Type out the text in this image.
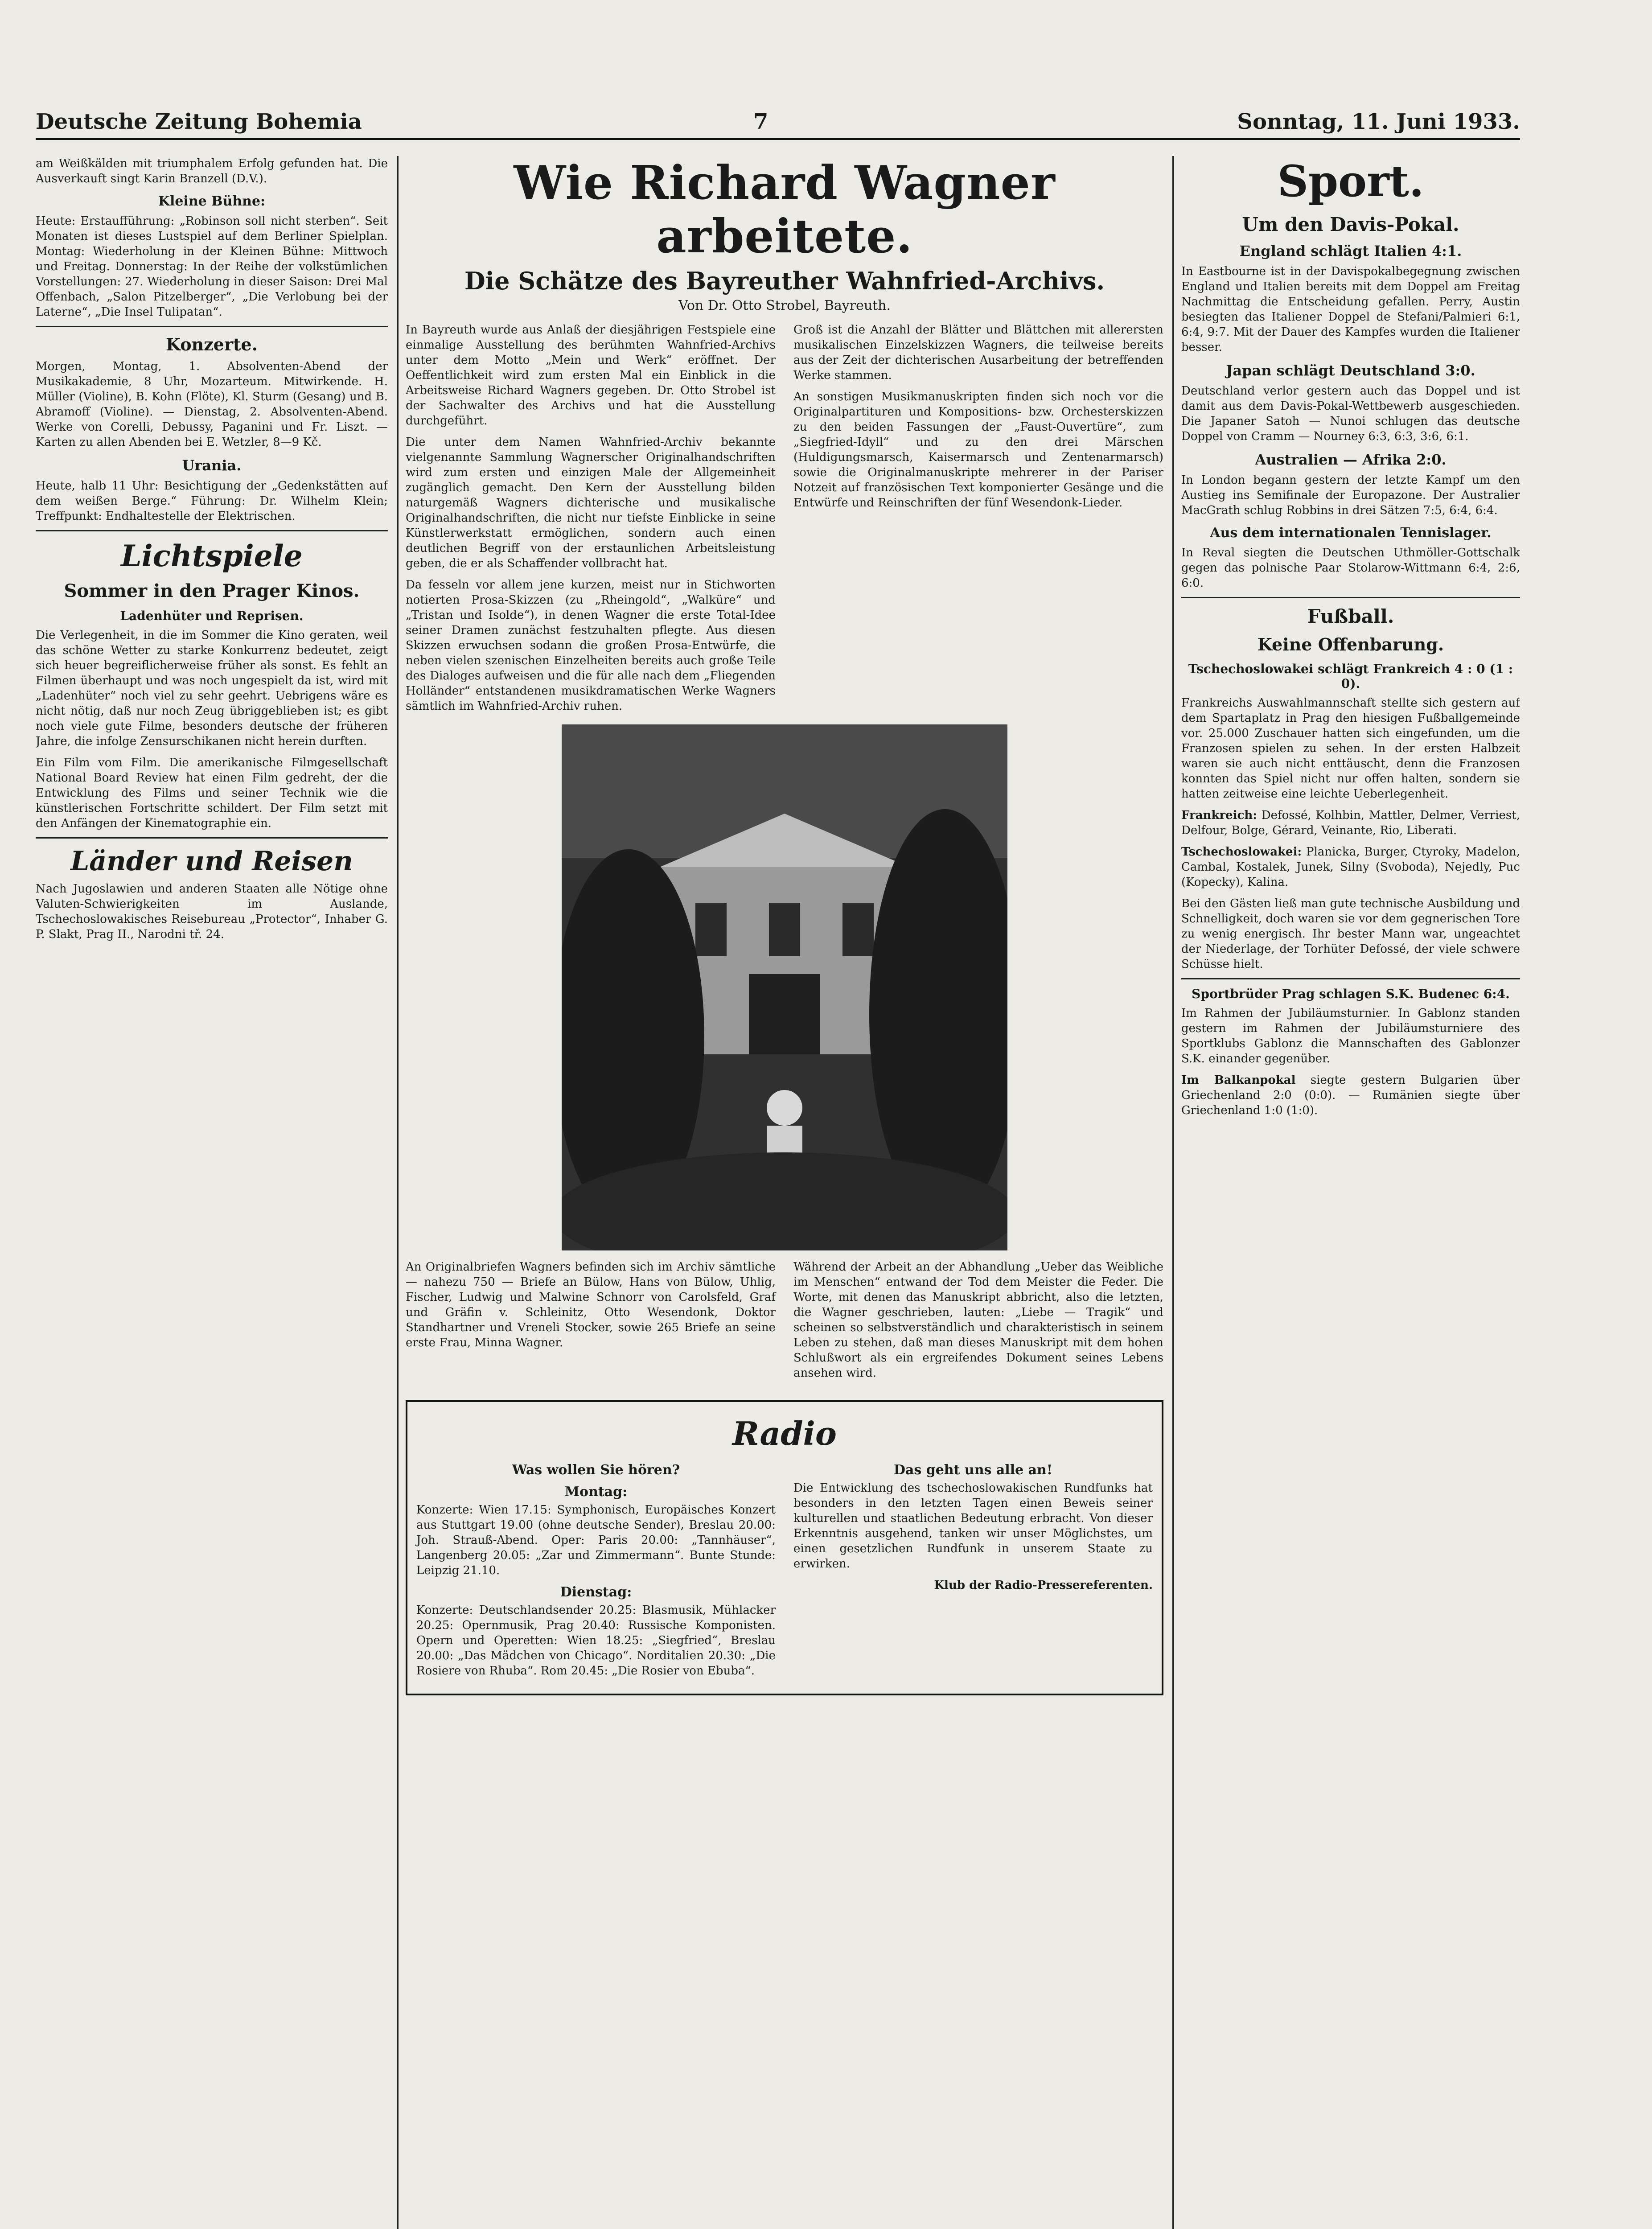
Deutsche Zeitung Bohemia	7	Sonntag, 11. Juni 1933.

am Weißkälden mit triumphalem Erfolg gefunden hat. Die Ausverkauft singt Karin Branzell (D.V.).

Kleine Bühne:

Heute: Erstaufführung: „Robinson soll nicht sterben“. Seit Monaten ist dieses Lustspiel auf dem Berliner Spielplan. Montag: Wiederholung in der Kleinen Bühne: Mittwoch und Freitag. Donnerstag: In der Reihe der volkstümlichen Vorstellungen: 27. Wiederholung in dieser Saison: Drei Mal Offenbach, „Salon Pitzelberger“, „Die Verlobung bei der Laterne“, „Die Insel Tulipatan“.

Konzerte.

Morgen, Montag, 1. Absolventen-Abend der Musikakademie, 8 Uhr, Mozarteum. Mitwirkende. H. Müller (Violine), B. Kohn (Flöte), Kl. Sturm (Gesang) und B. Abramoff (Violine). — Dienstag, 2. Absolventen-Abend. Werke von Corelli, Debussy, Paganini und Fr. Liszt. — Karten zu allen Abenden bei E. Wetzler, 8—9 Kč.

Urania.

Heute, halb 11 Uhr: Besichtigung der „Gedenkstätten auf dem weißen Berge.“ Führung: Dr. Wilhelm Klein; Treffpunkt: Endhaltestelle der Elektrischen.

Lichtspiele
Sommer in den Prager Kinos.
Ladenhüter und Reprisen.

Die Verlegenheit, in die im Sommer die Kino geraten, weil das schöne Wetter zu starke Konkurrenz bedeutet, zeigt sich heuer begreiflicherweise früher als sonst. Es fehlt an Filmen überhaupt und was noch ungespielt da ist, wird mit „Ladenhüter“ noch viel zu sehr geehrt. Uebrigens wäre es nicht nötig, daß nur noch Zeug übriggeblieben ist; es gibt noch viele gute Filme, besonders deutsche der früheren Jahre, die infolge Zensurschikanen nicht herein durften.

Ein Film vom Film. Die amerikanische Filmgesellschaft National Board Review hat einen Film gedreht, der die Entwicklung des Films und seiner Technik wie die künstlerischen Fortschritte schildert. Der Film setzt mit den Anfängen der Kinematographie ein.

Länder und Reisen

Nach Jugoslawien und anderen Staaten alle Nötige ohne Valuten-Schwierigkeiten im Auslande, Tschechoslowakisches Reisebureau „Protector“, Inhaber G. P. Slakt, Prag II., Narodni tř. 24.

Wie Richard Wagner arbeitete.
Die Schätze des Bayreuther Wahnfried-Archivs.
Von Dr. Otto Strobel, Bayreuth.

In Bayreuth wurde aus Anlaß der diesjährigen Festspiele eine einmalige Ausstellung des berühmten Wahnfried-Archivs unter dem Motto „Mein und Werk“ eröffnet. Der Oeffentlichkeit wird zum ersten Mal ein Einblick in die Arbeitsweise Richard Wagners gegeben. Dr. Otto Strobel ist der Sachwalter des Archivs und hat die Ausstellung durchgeführt.

Die unter dem Namen Wahnfried-Archiv bekannte vielgenannte Sammlung Wagnerscher Originalhandschriften wird zum ersten und einzigen Male der Allgemeinheit zugänglich gemacht. Den Kern der Ausstellung bilden naturgemäß Wagners dichterische und musikalische Originalhandschriften, die nicht nur tiefste Einblicke in seine Künstlerwerkstatt ermöglichen, sondern auch einen deutlichen Begriff von der erstaunlichen Arbeitsleistung geben, die er als Schaffender vollbracht hat.

Da fesseln vor allem jene kurzen, meist nur in Stichworten notierten Prosa-Skizzen (zu „Rheingold“, „Walküre“ und „Tristan und Isolde“), in denen Wagner die erste Total-Idee seiner Dramen zunächst festzuhalten pflegte. Aus diesen Skizzen erwuchsen sodann die großen Prosa-Entwürfe, die neben vielen szenischen Einzelheiten bereits auch große Teile des Dialoges aufweisen und die für alle nach dem „Fliegenden Holländer“ entstandenen musikdramatischen Werke Wagners sämtlich im Wahnfried-Archiv ruhen.

Groß ist die Anzahl der Blätter und Blättchen mit allerersten musikalischen Einzelskizzen Wagners, die teilweise bereits aus der Zeit der dichterischen Ausarbeitung der betreffenden Werke stammen.

An sonstigen Musikmanuskripten finden sich noch vor die Originalpartituren und Kompositions- bzw. Orchesterskizzen zu den beiden Fassungen der „Faust-Ouvertüre“, zum „Siegfried-Idyll“ und zu den drei Märschen (Huldigungsmarsch, Kaisermarsch und Zentenarmarsch) sowie die Originalmanuskripte mehrerer in der Pariser Notzeit auf französischen Text komponierter Gesänge und die Entwürfe und Reinschriften der fünf Wesendonk-Lieder.

An Originalbriefen Wagners befinden sich im Archiv sämtliche — nahezu 750 — Briefe an Bülow, Hans von Bülow, Uhlig, Fischer, Ludwig und Malwine Schnorr von Carolsfeld, Graf und Gräfin v. Schleinitz, Otto Wesendonk, Doktor Standhartner und Vreneli Stocker, sowie 265 Briefe an seine erste Frau, Minna Wagner.

Während der Arbeit an der Abhandlung „Ueber das Weibliche im Menschen“ entwand der Tod dem Meister die Feder. Die Worte, mit denen das Manuskript abbricht, also die letzten, die Wagner geschrieben, lauten: „Liebe — Tragik“ und scheinen so selbstverständlich und charakteristisch in seinem Leben zu stehen, daß man dieses Manuskript mit dem hohen Schlußwort als ein ergreifendes Dokument seines Lebens ansehen wird.

Radio
Was wollen Sie hören?
Montag:

Konzerte: Wien 17.15: Symphonisch, Europäisches Konzert aus Stuttgart 19.00 (ohne deutsche Sender), Breslau 20.00: Joh. Strauß-Abend. Oper: Paris 20.00: „Tannhäuser“, Langenberg 20.05: „Zar und Zimmermann“. Bunte Stunde: Leipzig 21.10.

Dienstag:

Konzerte: Deutschlandsender 20.25: Blasmusik, Mühlacker 20.25: Opernmusik, Prag 20.40: Russische Komponisten. Opern und Operetten: Wien 18.25: „Siegfried“, Breslau 20.00: „Das Mädchen von Chicago“. Norditalien 20.30: „Die Rosiere von Rhuba“. Rom 20.45: „Die Rosier von Ebuba“.

Das geht uns alle an!

Die Entwicklung des tschechoslowakischen Rundfunks hat besonders in den letzten Tagen einen Beweis seiner kulturellen und staatlichen Bedeutung erbracht. Von dieser Erkenntnis ausgehend, tanken wir unser Möglichstes, um einen gesetzlichen Rundfunk in unserem Staate zu erwirken.

Klub der Radio-Pressereferenten.

Sport.
Um den Davis-Pokal.
England schlägt Italien 4:1.

In Eastbourne ist in der Davispokalbegegnung zwischen England und Italien bereits mit dem Doppel am Freitag Nachmittag die Entscheidung gefallen. Perry, Austin besiegten das Italiener Doppel de Stefani/Palmieri 6:1, 6:4, 9:7. Mit der Dauer des Kampfes wurden die Italiener besser.

Japan schlägt Deutschland 3:0.

Deutschland verlor gestern auch das Doppel und ist damit aus dem Davis-Pokal-Wettbewerb ausgeschieden. Die Japaner Satoh — Nunoi schlugen das deutsche Doppel von Cramm — Nourney 6:3, 6:3, 3:6, 6:1.

Australien — Afrika 2:0.

In London begann gestern der letzte Kampf um den Austieg ins Semifinale der Europazone. Der Australier MacGrath schlug Robbins in drei Sätzen 7:5, 6:4, 6:4.

Aus dem internationalen Tennislager.

In Reval siegten die Deutschen Uthmöller-Gottschalk gegen das polnische Paar Stolarow-Wittmann 6:4, 2:6, 6:0.

Fußball.
Keine Offenbarung.
Tschechoslowakei schlägt Frankreich 4 : 0 (1 : 0).

Frankreichs Auswahlmannschaft stellte sich gestern auf dem Spartaplatz in Prag den hiesigen Fußballgemeinde vor. 25.000 Zuschauer hatten sich eingefunden, um die Franzosen spielen zu sehen. In der ersten Halbzeit waren sie auch nicht enttäuscht, denn die Franzosen konnten das Spiel nicht nur offen halten, sondern sie hatten zeitweise eine leichte Ueberlegenheit.

Frankreich: Defossé, Kolhbin, Mattler, Delmer, Verriest, Delfour, Bolge, Gérard, Veinante, Rio, Liberati.

Tschechoslowakei: Planicka, Burger, Ctyroky, Madelon, Cambal, Kostalek, Junek, Silny (Svoboda), Nejedly, Puc (Kopecky), Kalina.

Bei den Gästen ließ man gute technische Ausbildung und Schnelligkeit, doch waren sie vor dem gegnerischen Tore zu wenig energisch. Ihr bester Mann war, ungeachtet der Niederlage, der Torhüter Defossé, der viele schwere Schüsse hielt.

Sportbrüder Prag schlagen S.K. Budenec 6:4.

Im Rahmen der Jubiläumsturnier. In Gablonz standen gestern im Rahmen der Jubiläumsturniere des Sportklubs Gablonz die Mannschaften des Gablonzer S.K. einander gegenüber.

Im Balkanpokal siegte gestern Bulgarien über Griechenland 2:0 (0:0). — Rumänien siegte über Griechenland 1:0 (1:0).
